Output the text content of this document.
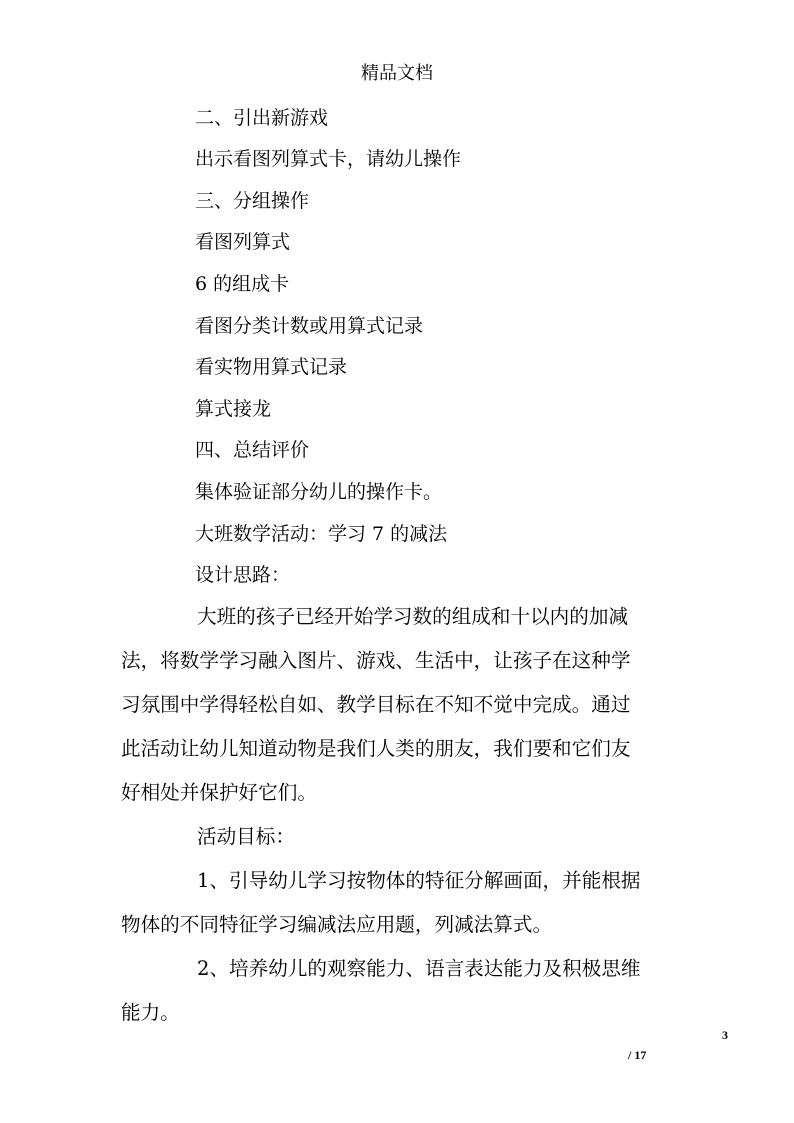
精品文档
二、引出新游戏
出示看图列算式卡，请幼儿操作
三、分组操作
看图列算式
6 的组成卡
看图分类计数或用算式记录
看实物用算式记录
算式接龙
四、总结评价
集体验证部分幼儿的操作卡。
大班数学活动：学习 7 的减法
设计思路：
大班的孩子已经开始学习数的组成和十以内的加减
法，将数学学习融入图片、游戏、生活中，让孩子在这种学
习氛围中学得轻松自如、教学目标在不知不觉中完成。通过
此活动让幼儿知道动物是我们人类的朋友，我们要和它们友
好相处并保护好它们。
活动目标：
1、引导幼儿学习按物体的特征分解画面，并能根据
物体的不同特征学习编减法应用题，列减法算式。
2、培养幼儿的观察能力、语言表达能力及积极思维
能力。
3
/ 17
